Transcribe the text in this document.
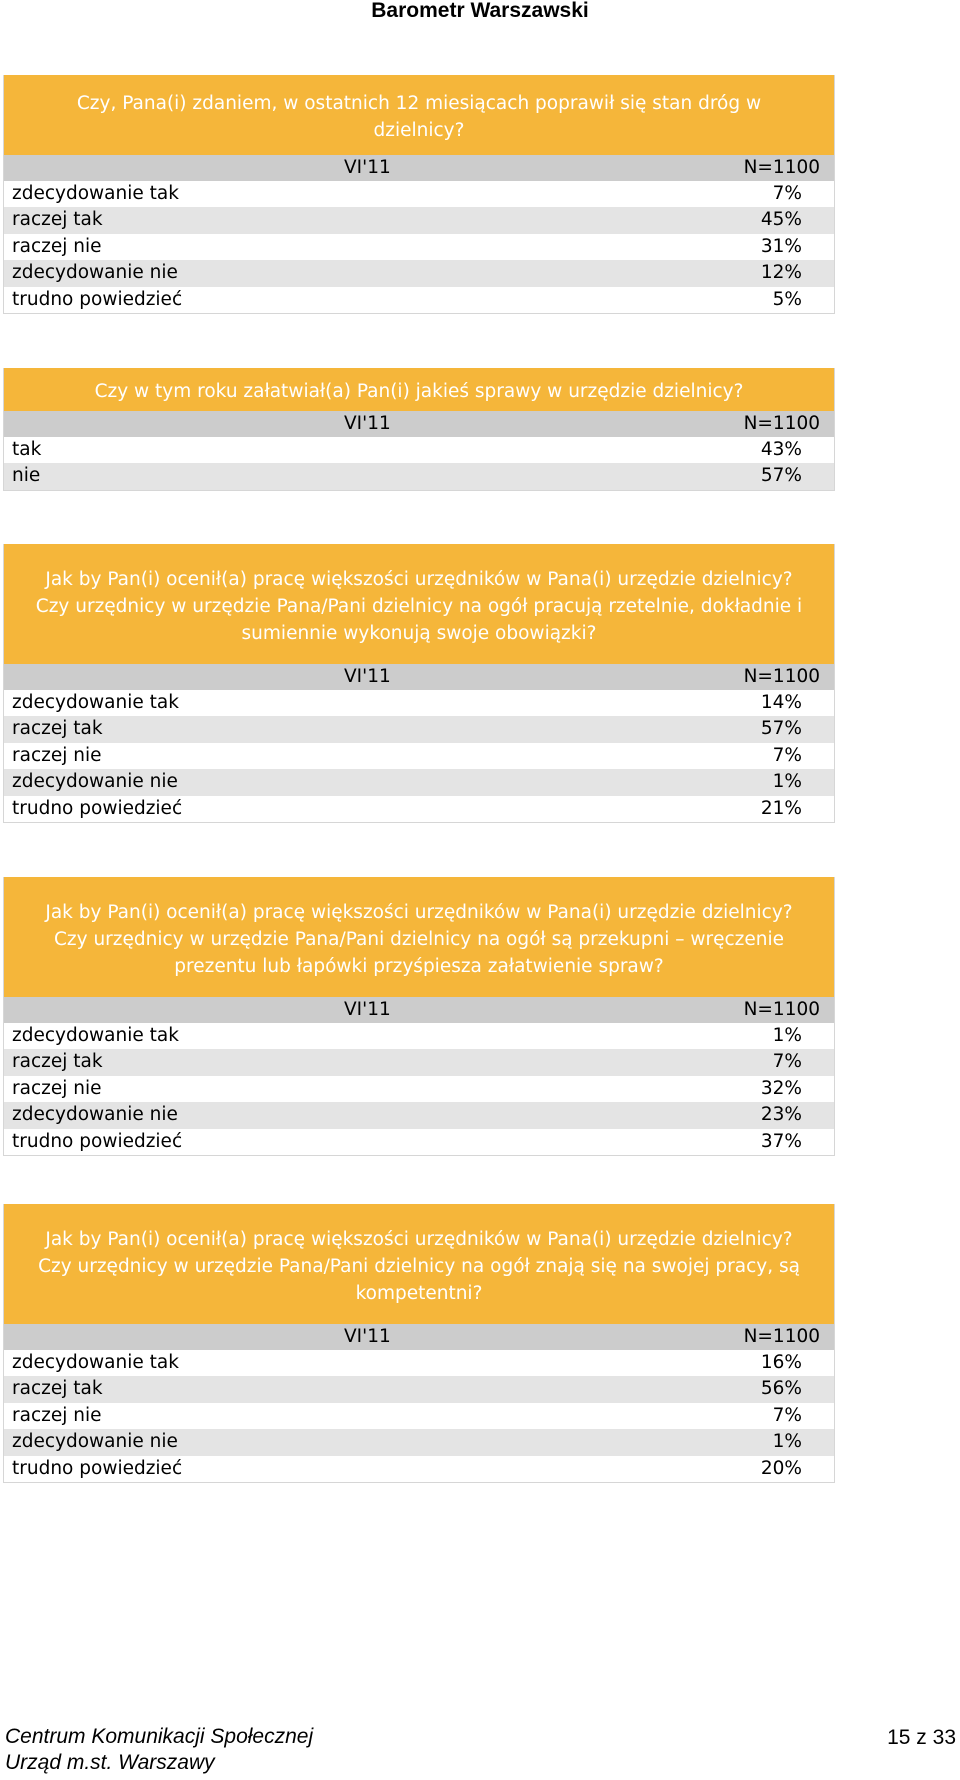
Barometr Warszawski
Czy, Pana(i) zdaniem, w ostatnich 12 miesiącach poprawił się stan dróg w
dzielnicy?
VI'11	N=1100
zdecydowanie tak	7%
raczej tak	45%
raczej nie	31%
zdecydowanie nie	12%
trudno powiedzieć	5%
Czy w tym roku załatwiał(a) Pan(i) jakieś sprawy w urzędzie dzielnicy?
VI'11	N=1100
tak	43%
nie	57%
Jak by Pan(i) ocenił(a) pracę większości urzędników w Pana(i) urzędzie dzielnicy?
Czy urzędnicy w urzędzie Pana/Pani dzielnicy na ogół pracują rzetelnie, dokładnie i
sumiennie wykonują swoje obowiązki?
VI'11	N=1100
zdecydowanie tak	14%
raczej tak	57%
raczej nie	7%
zdecydowanie nie	1%
trudno powiedzieć	21%
Jak by Pan(i) ocenił(a) pracę większości urzędników w Pana(i) urzędzie dzielnicy?
Czy urzędnicy w urzędzie Pana/Pani dzielnicy na ogół są przekupni – wręczenie
prezentu lub łapówki przyśpiesza załatwienie spraw?
VI'11	N=1100
zdecydowanie tak	1%
raczej tak	7%
raczej nie	32%
zdecydowanie nie	23%
trudno powiedzieć	37%
Jak by Pan(i) ocenił(a) pracę większości urzędników w Pana(i) urzędzie dzielnicy?
Czy urzędnicy w urzędzie Pana/Pani dzielnicy na ogół znają się na swojej pracy, są
kompetentni?
VI'11	N=1100
zdecydowanie tak	16%
raczej tak	56%
raczej nie	7%
zdecydowanie nie	1%
trudno powiedzieć	20%
Centrum Komunikacji Społecznej
Urząd m.st. Warszawy
15 z 33
